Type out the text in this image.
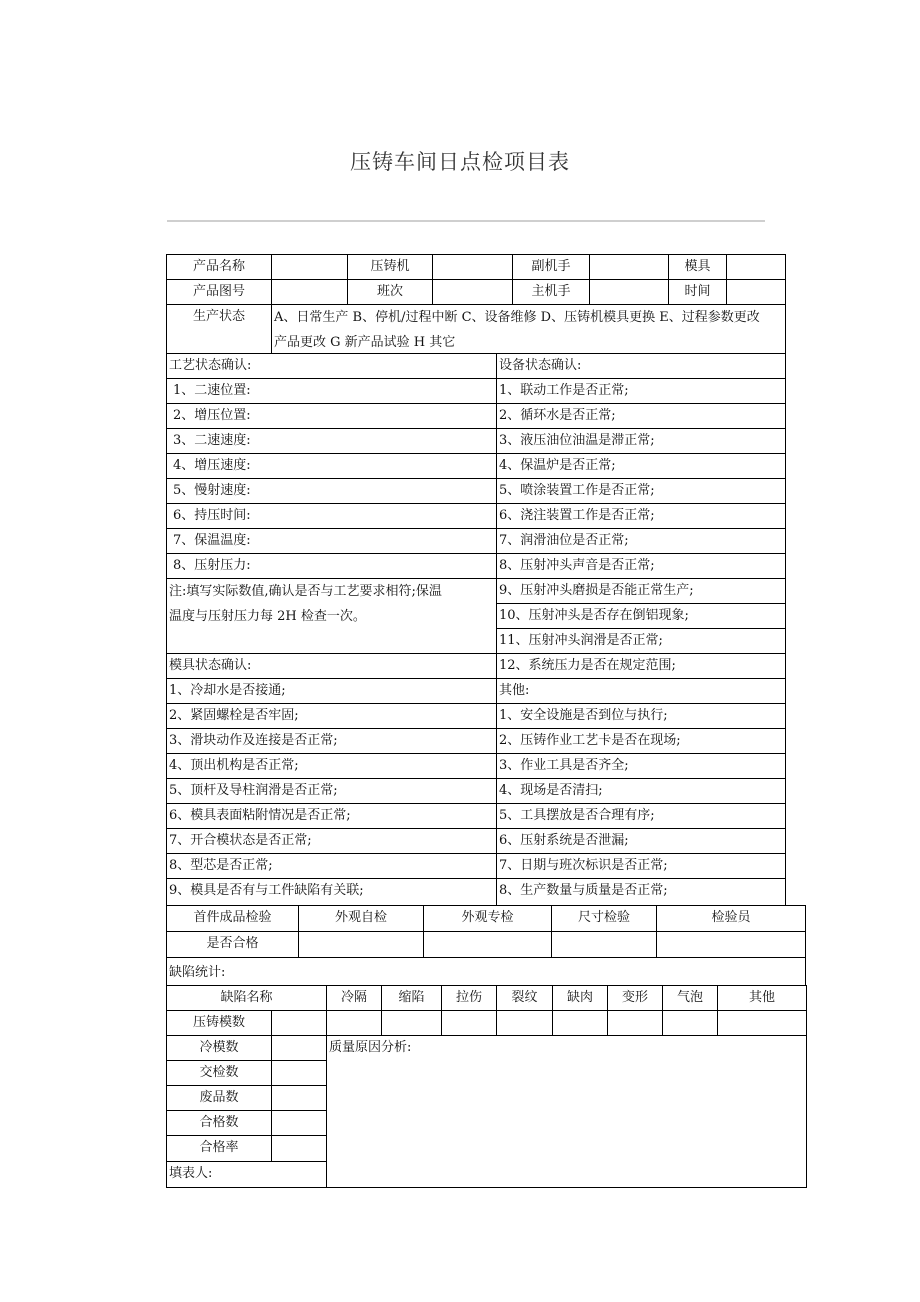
压铸车间日点检项目表
产品名称	压铸机	副机手	模具
产品图号	班次	主机手	时间
生产状态	A、日常生产 B、停机/过程中断 C、设备维修 D、压铸机模具更换 E、过程参数更改
产品更改 G 新产品试验 H 其它
工艺状态确认:	设备状态确认:
1、二速位置:	1、联动工作是否正常;
2、增压位置:	2、循环水是否正常;
3、二速速度:	3、液压油位油温是滞正常;
4、增压速度:	4、保温炉是否正常;
5、慢射速度:	5、喷涂装置工作是否正常;
6、持压时间:	6、浇注装置工作是否正常;
7、保温温度:	7、润滑油位是否正常;
8、压射压力:	8、压射冲头声音是否正常;
注:填写实际数值,确认是否与工艺要求相符;保温
温度与压射压力每 2H 检查一次。
9、压射冲头磨损是否能正常生产;
10、压射冲头是否存在倒铝现象;
11、压射冲头润滑是否正常;
模具状态确认:	12、系统压力是否在规定范围;
1、冷却水是否接通;	其他:
2、紧固螺栓是否牢固;	1、安全设施是否到位与执行;
3、滑块动作及连接是否正常;	2、压铸作业工艺卡是否在现场;
4、顶出机构是否正常;	3、作业工具是否齐全;
5、顶杆及导柱润滑是否正常;	4、现场是否清扫;
6、模具表面粘附情况是否正常;	5、工具摆放是否合理有序;
7、开合模状态是否正常;	6、压射系统是否泄漏;
8、型芯是否正常;	7、日期与班次标识是否正常;
9、模具是否有与工件缺陷有关联;	8、生产数量与质量是否正常;
首件成品检验	外观自检	外观专检	尺寸检验	检验员
是否合格
缺陷统计:
缺陷名称	冷隔	缩陷	拉伤	裂纹	缺肉	变形	气泡	其他
压铸模数
冷模数
交检数
废品数
合格数
合格率
填表人:
质量原因分析:
